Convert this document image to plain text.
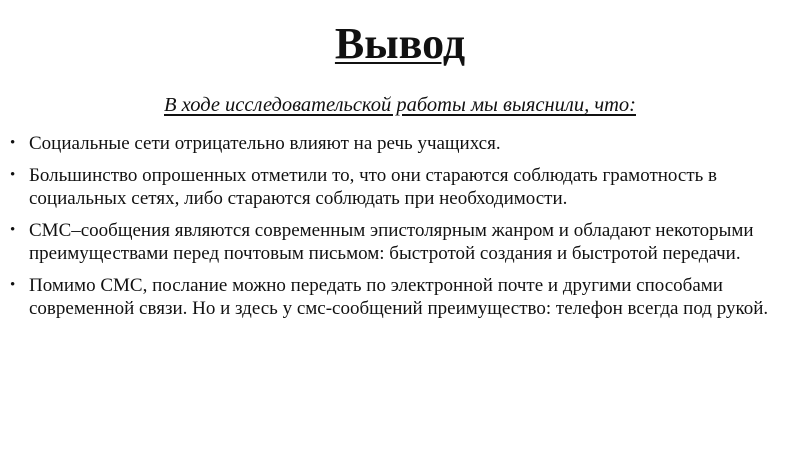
Вывод
В ходе исследовательской работы мы выяснили, что:
• Социальные сети отрицательно влияют на речь учащихся.
• Большинство опрошенных отметили то, что они стараются соблюдать грамотность в социальных сетях, либо стараются соблюдать при необходимости.
• СМС–сообщения являются современным эпистолярным жанром и обладают некоторыми преимуществами перед почтовым письмом: быстротой создания и быстротой передачи.
• Помимо СМС, послание можно передать по электронной почте и другими способами современной связи. Но и здесь у смс-сообщений преимущество: телефон всегда под рукой.
